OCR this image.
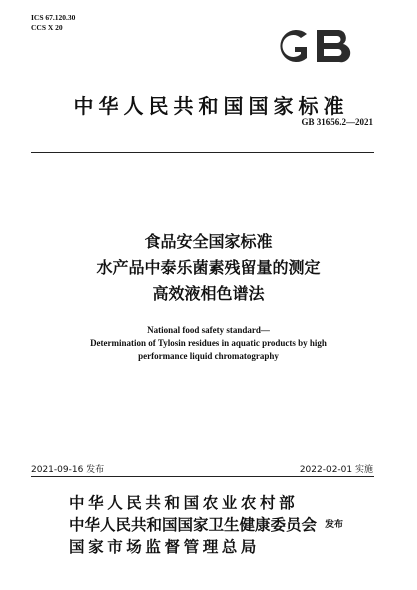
ICS 67.120.30
CCS X 20
中华人民共和国国家标准
GB 31656.2—2021
食品安全国家标准
水产品中泰乐菌素残留量的测定
高效液相色谱法
National food safety standard—
Determination of Tylosin residues in aquatic products by high
performance liquid chromatography
2021-09-16 发布	2022-02-01 实施
中华人民共和国农业农村部
中华人民共和国国家卫生健康委员会 发布
国家市场监督管理总局
